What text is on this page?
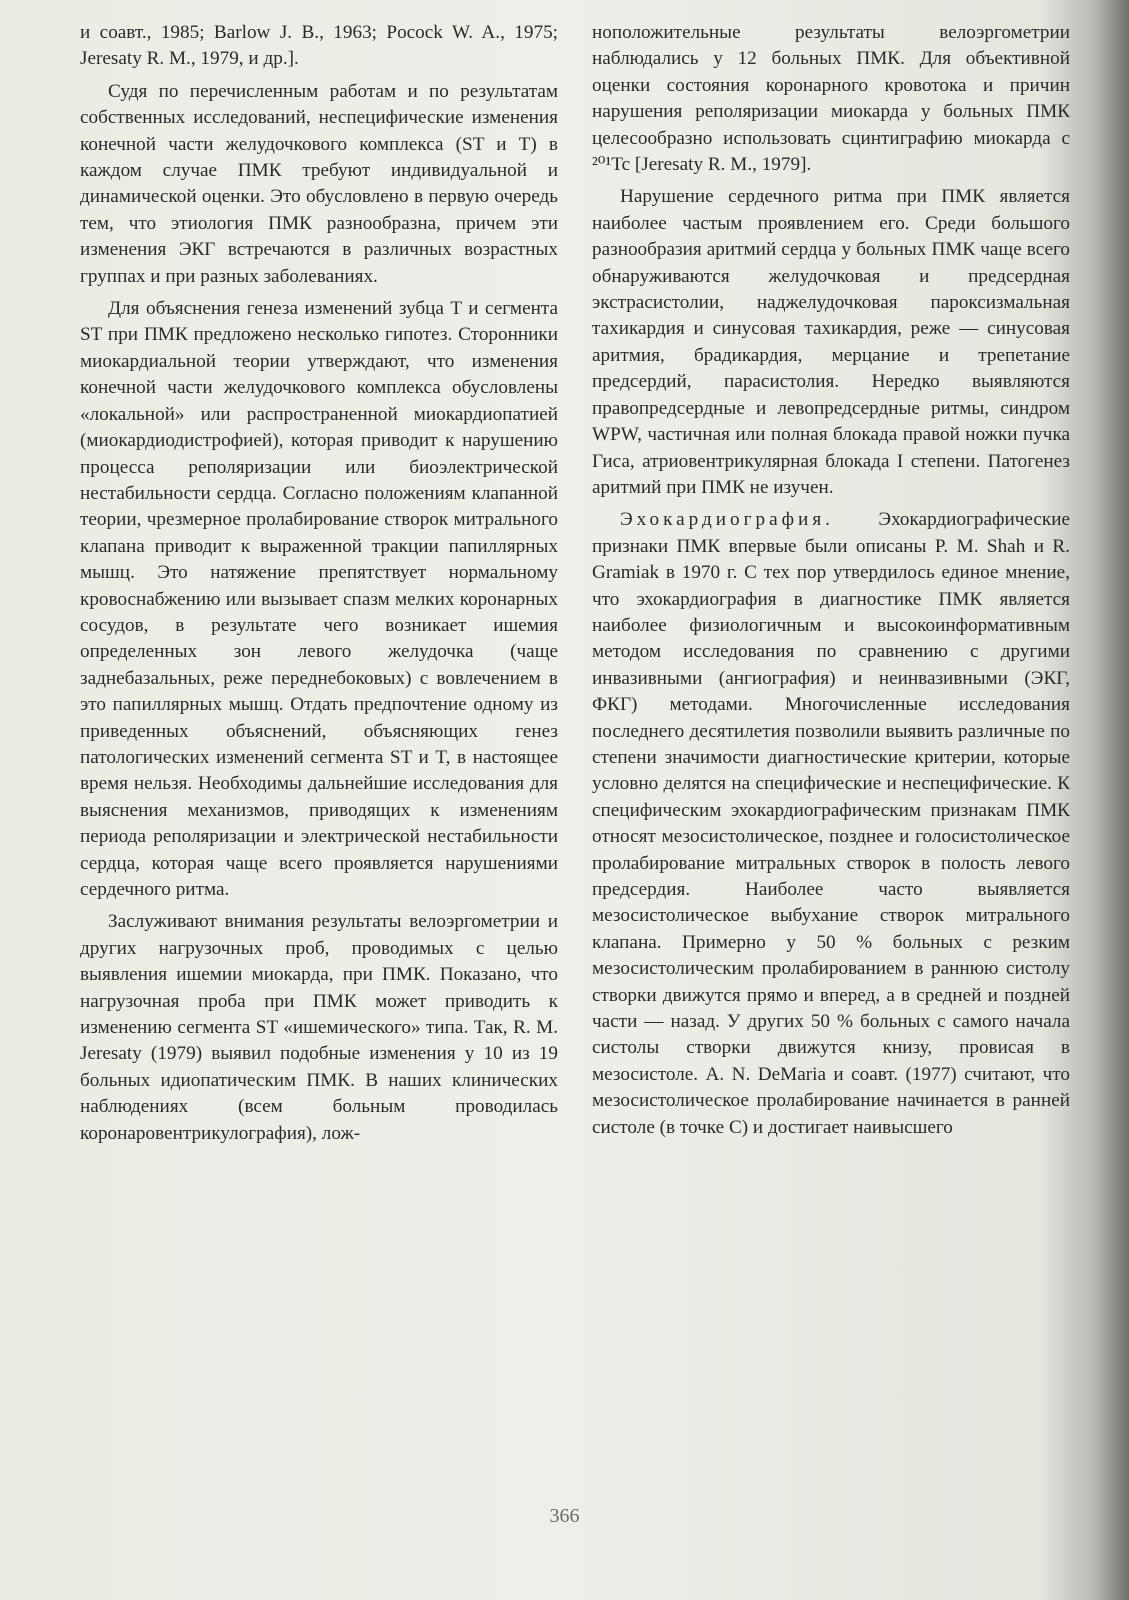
и соавт., 1985; Barlow J. B., 1963; Pocock W. A., 1975; Jeresaty R. M., 1979, и др.].

Судя по перечисленным работам и по результатам собственных исследований, неспецифические изменения конечной части желудочкового комплекса (ST и T) в каждом случае ПМК требуют индивидуальной и динамической оценки. Это обусловлено в первую очередь тем, что этиология ПМК разнообразна, причем эти изменения ЭКГ встречаются в различных возрастных группах и при разных заболеваниях.

Для объяснения генеза изменений зубца T и сегмента ST при ПМК предложено несколько гипотез. Сторонники миокардиальной теории утверждают, что изменения конечной части желудочкового комплекса обусловлены «локальной» или распространенной миокардиопатией (миокардиодистрофией), которая приводит к нарушению процесса реполяризации или биоэлектрической нестабильности сердца. Согласно положениям клапанной теории, чрезмерное пролабирование створок митрального клапана приводит к выраженной тракции папиллярных мышц. Это натяжение препятствует нормальному кровоснабжению или вызывает спазм мелких коронарных сосудов, в результате чего возникает ишемия определенных зон левого желудочка (чаще заднебазальных, реже переднебоковых) с вовлечением в это папиллярных мышц. Отдать предпочтение одному из приведенных объяснений, объясняющих генез патологических изменений сегмента ST и T, в настоящее время нельзя. Необходимы дальнейшие исследования для выяснения механизмов, приводящих к изменениям периода реполяризации и электрической нестабильности сердца, которая чаще всего проявляется нарушениями сердечного ритма.

Заслуживают внимания результаты велоэргометрии и других нагрузочных проб, проводимых с целью выявления ишемии миокарда, при ПМК. Показано, что нагрузочная проба при ПМК может приводить к изменению сегмента ST «ишемического» типа. Так, R. M. Jeresaty (1979) выявил подобные изменения у 10 из 19 больных идиопатическим ПМК. В наших клинических наблюдениях (всем больным проводилась коронаровентрикулография), лож-

ноположительные результаты велоэргометрии наблюдались у 12 больных ПМК. Для объективной оценки состояния коронарного кровотока и причин нарушения реполяризации миокарда у больных ПМК целесообразно использовать сцинтиграфию миокарда с ²⁰¹Tc [Jeresaty R. M., 1979].

Нарушение сердечного ритма при ПМК является наиболее частым проявлением его. Среди большого разнообразия аритмий сердца у больных ПМК чаще всего обнаруживаются желудочковая и предсердная экстрасистолии, наджелудочковая пароксизмальная тахикардия и синусовая тахикардия, реже — синусовая аритмия, брадикардия, мерцание и трепетание предсердий, парасистолия. Нередко выявляются правопредсердные и левопредсердные ритмы, синдром WPW, частичная или полная блокада правой ножки пучка Гиса, атриовентрикулярная блокада I степени. Патогенез аритмий при ПМК не изучен.

Эхокардиография. Эхокардиографические признаки ПМК впервые были описаны P. M. Shah и R. Gramiak в 1970 г. С тех пор утвердилось единое мнение, что эхокардиография в диагностике ПМК является наиболее физиологичным и высокоинформативным методом исследования по сравнению с другими инвазивными (ангиография) и неинвазивными (ЭКГ, ФКГ) методами. Многочисленные исследования последнего десятилетия позволили выявить различные по степени значимости диагностические критерии, которые условно делятся на специфические и неспецифические. К специфическим эхокардиографическим признакам ПМК относят мезосистолическое, позднее и голосистолическое пролабирование митральных створок в полость левого предсердия. Наиболее часто выявляется мезосистолическое выбухание створок митрального клапана. Примерно у 50 % больных с резким мезосистолическим пролабированием в раннюю систолу створки движутся прямо и вперед, а в средней и поздней части — назад. У других 50 % больных с самого начала систолы створки движутся книзу, провисая в мезосистоле. A. N. DeMaria и соавт. (1977) считают, что мезосистолическое пролабирование начинается в ранней систоле (в точке C) и достигает наивысшего

366
